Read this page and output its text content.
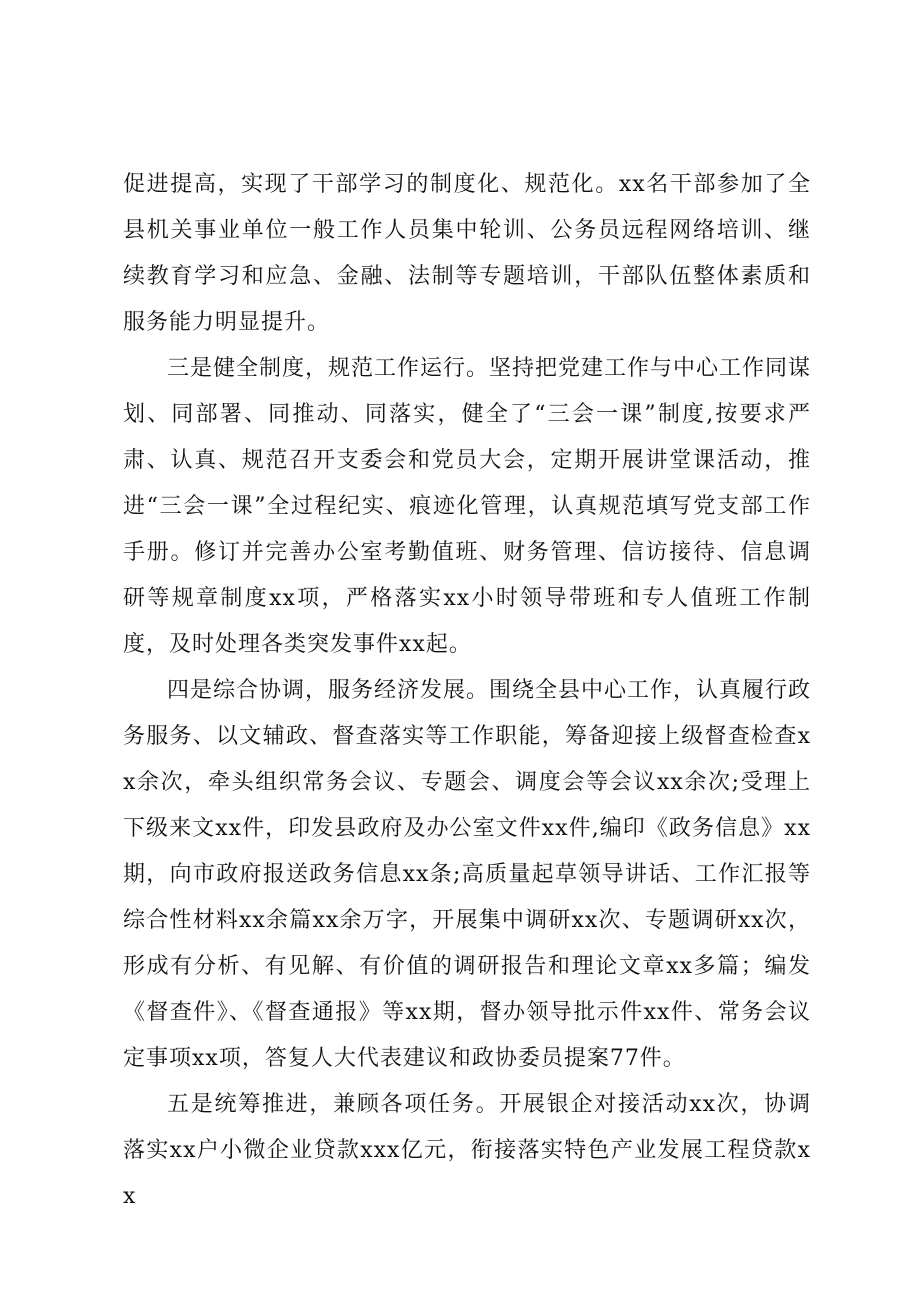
促进提高，实现了干部学习的制度化、规范化。xx名干部参加了全县机关事业单位一般工作人员集中轮训、公务员远程网络培训、继续教育学习和应急、金融、法制等专题培训，干部队伍整体素质和服务能力明显提升。

三是健全制度，规范工作运行。坚持把党建工作与中心工作同谋划、同部署、同推动、同落实，健全了“三会一课”制度,按要求严肃、认真、规范召开支委会和党员大会，定期开展讲堂课活动，推进“三会一课”全过程纪实、痕迹化管理，认真规范填写党支部工作手册。修订并完善办公室考勤值班、财务管理、信访接待、信息调研等规章制度xx项，严格落实xx小时领导带班和专人值班工作制度，及时处理各类突发事件xx起。

四是综合协调，服务经济发展。围绕全县中心工作，认真履行政务服务、以文辅政、督查落实等工作职能，筹备迎接上级督查检查xx余次，牵头组织常务会议、专题会、调度会等会议xx余次;受理上下级来文xx件，印发县政府及办公室文件xx件,编印《政务信息》xx期，向市政府报送政务信息xx条;高质量起草领导讲话、工作汇报等综合性材料xx余篇xx余万字，开展集中调研xx次、专题调研xx次，形成有分析、有见解、有价值的调研报告和理论文章xx多篇；编发《督查件》、《督查通报》等xx期，督办领导批示件xx件、常务会议定事项xx项，答复人大代表建议和政协委员提案77件。

五是统筹推进，兼顾各项任务。开展银企对接活动xx次，协调落实xx户小微企业贷款xxx亿元，衔接落实特色产业发展工程贷款xx
